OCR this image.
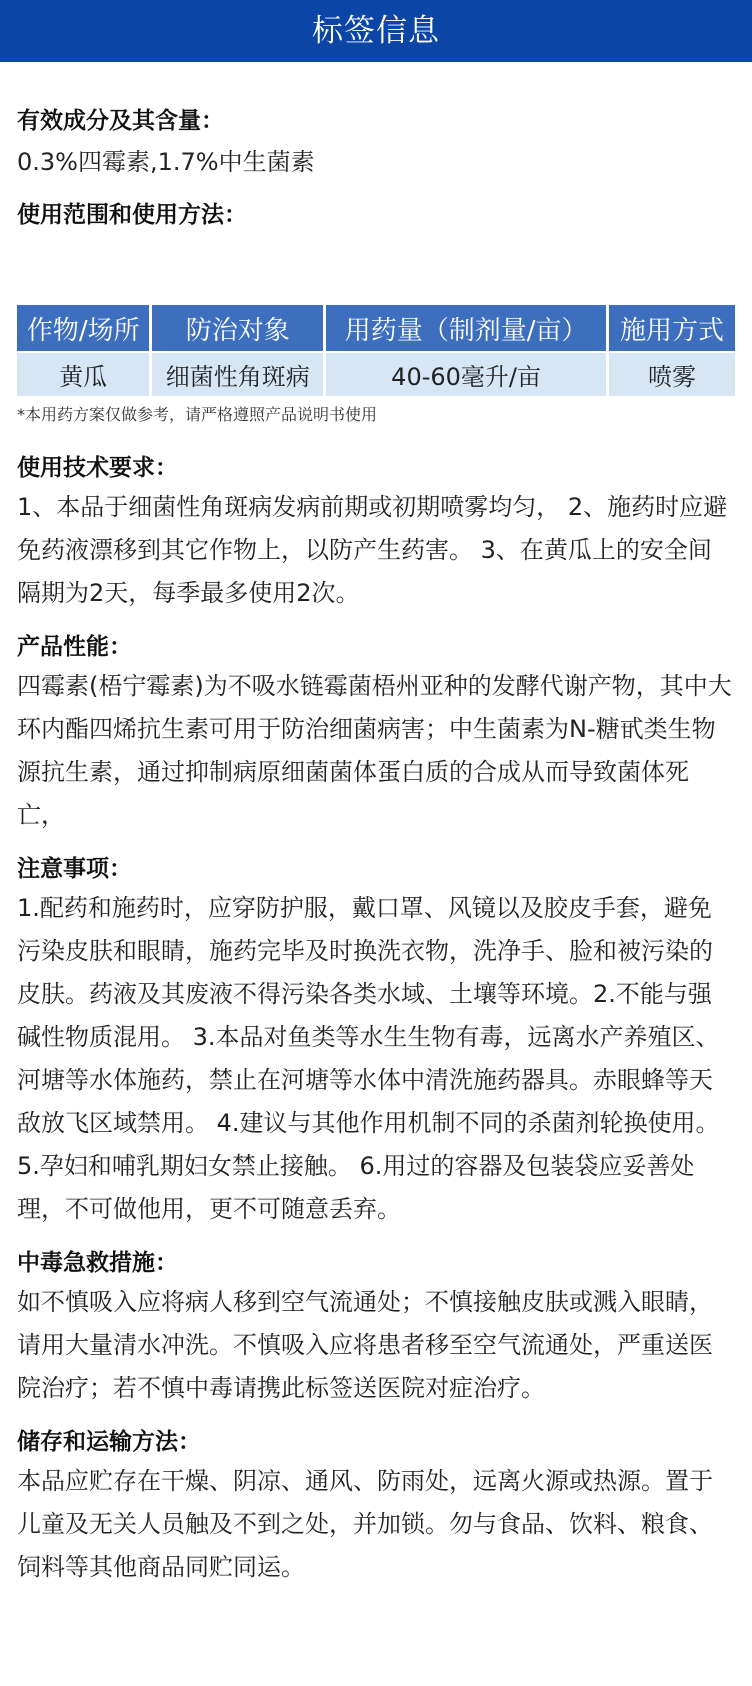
标签信息
有效成分及其含量：
0.3%四霉素,1.7%中生菌素
使用范围和使用方法：
作物/场所	防治对象	用药量（制剂量/亩）	施用方式
黄瓜	细菌性角斑病	40-60毫升/亩	喷雾
*本用药方案仅做参考，请严格遵照产品说明书使用
使用技术要求：
1、本品于细菌性角斑病发病前期或初期喷雾均匀， 2、施药时应避免药液漂移到其它作物上，以防产生药害。 3、在黄瓜上的安全间隔期为2天，每季最多使用2次。
产品性能：
四霉素(梧宁霉素)为不吸水链霉菌梧州亚种的发酵代谢产物，其中大环内酯四烯抗生素可用于防治细菌病害；中生菌素为N-糖甙类生物源抗生素，通过抑制病原细菌菌体蛋白质的合成从而导致菌体死亡，
注意事项：
1.配药和施药时，应穿防护服，戴口罩、风镜以及胶皮手套，避免污染皮肤和眼睛，施药完毕及时换洗衣物，洗净手、脸和被污染的皮肤。药液及其废液不得污染各类水域、土壤等环境。2.不能与强碱性物质混用。 3.本品对鱼类等水生生物有毒，远离水产养殖区、河塘等水体施药，禁止在河塘等水体中清洗施药器具。赤眼蜂等天敌放飞区域禁用。 4.建议与其他作用机制不同的杀菌剂轮换使用。 5.孕妇和哺乳期妇女禁止接触。 6.用过的容器及包装袋应妥善处理，不可做他用，更不可随意丢弃。
中毒急救措施：
如不慎吸入应将病人移到空气流通处；不慎接触皮肤或溅入眼睛，请用大量清水冲洗。不慎吸入应将患者移至空气流通处，严重送医院治疗；若不慎中毒请携此标签送医院对症治疗。
储存和运输方法：
本品应贮存在干燥、阴凉、通风、防雨处，远离火源或热源。置于儿童及无关人员触及不到之处，并加锁。勿与食品、饮料、粮食、饲料等其他商品同贮同运。
